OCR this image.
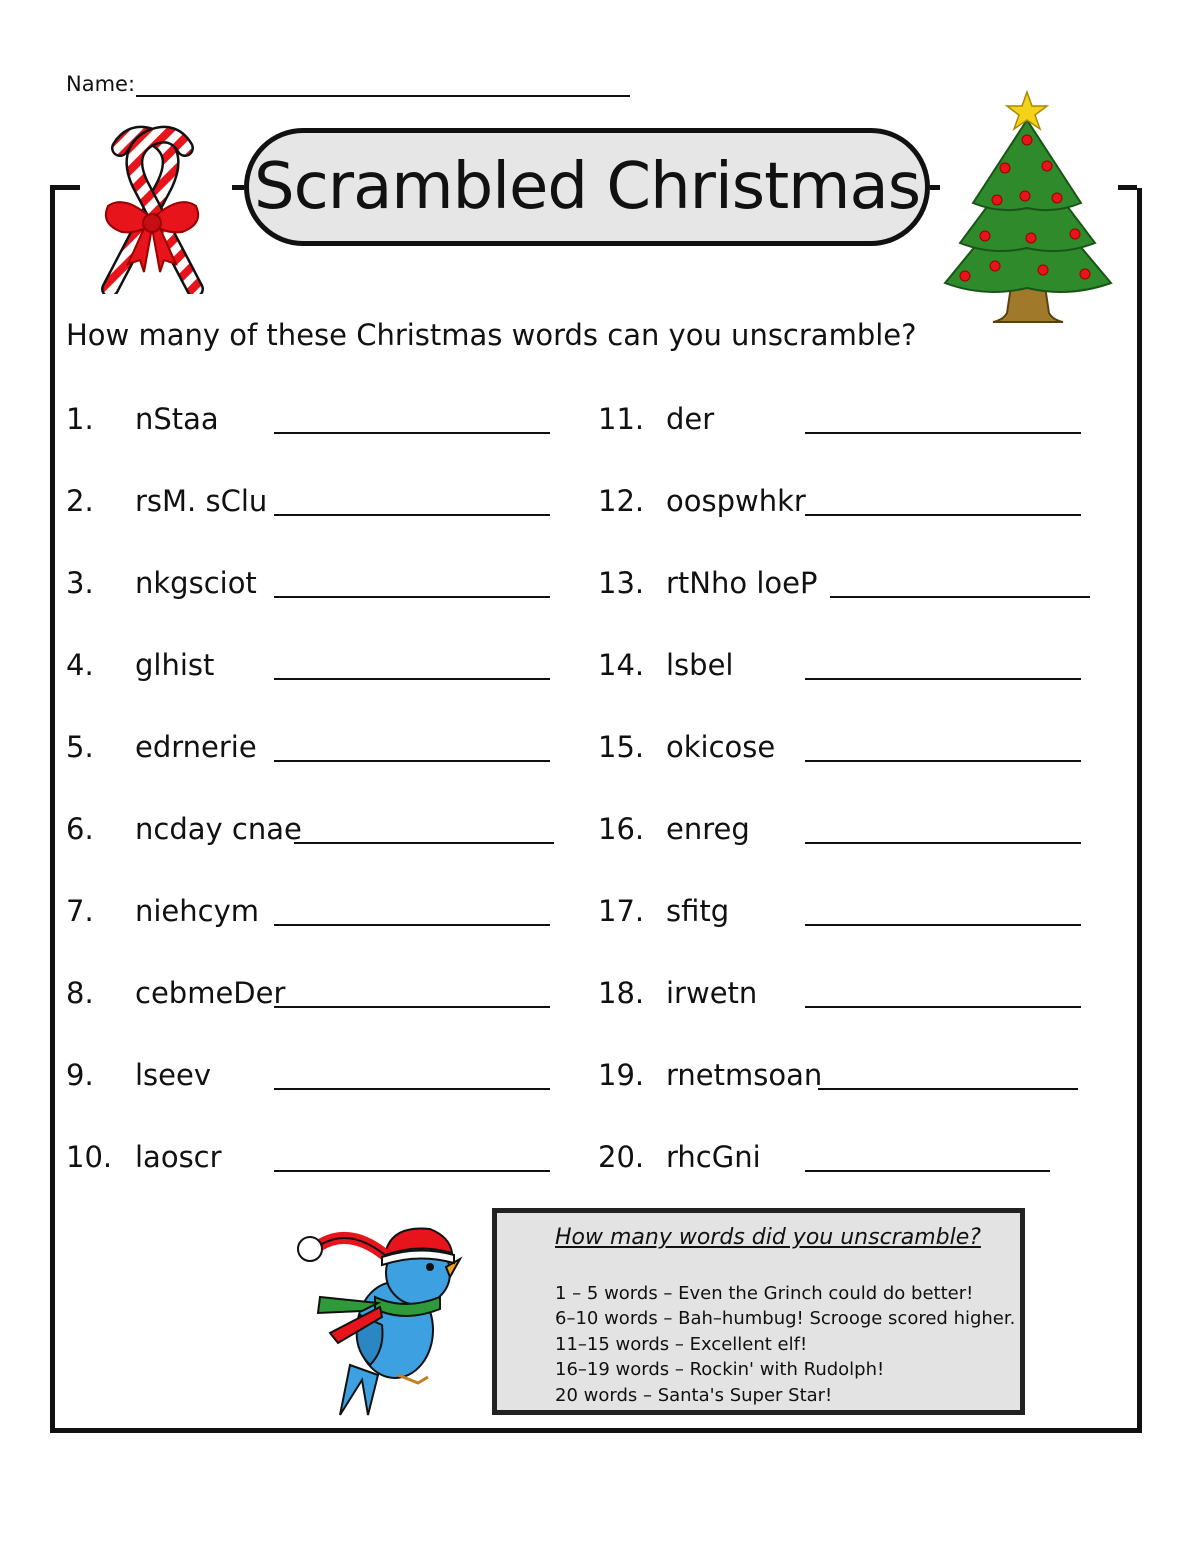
Name:
Scrambled Christmas
How many of these Christmas words can you unscramble?
1. nStaa
2. rsM. sClu
3. nkgsciot
4. glhist
5. edrnerie
6. ncday cnae
7. niehcym
8. cebmeDer
9. lseev
10. laoscr
11. der
12. oospwhkr
13. rtNho loeP
14. lsbel
15. okicose
16. enreg
17. sfitg
18. irwetn
19. rnetmsoan
20. rhcGni
How many words did you unscramble?
1 – 5 words – Even the Grinch could do better!
6–10 words – Bah–humbug! Scrooge scored higher.
11–15 words – Excellent elf!
16–19 words – Rockin' with Rudolph!
20 words – Santa's Super Star!
